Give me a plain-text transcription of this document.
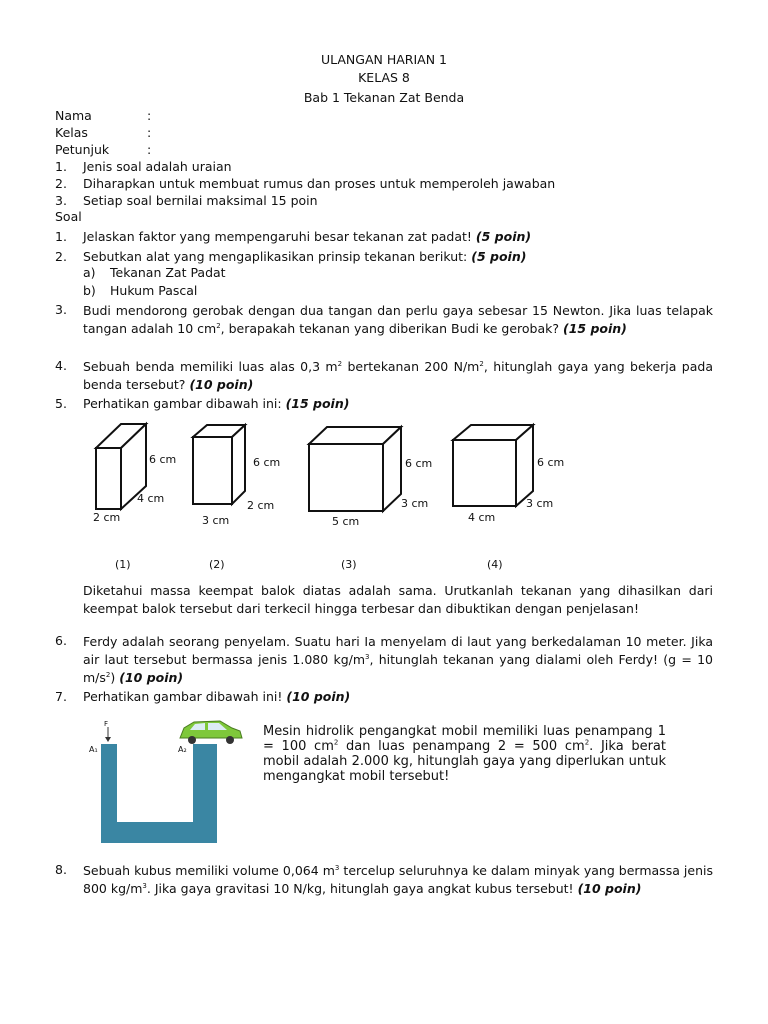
ULANGAN HARIAN 1
KELAS 8
Bab 1 Tekanan Zat Benda
Nama	:
Kelas	:
Petunjuk	:
1. Jenis soal adalah uraian
2. Diharapkan untuk membuat rumus dan proses untuk memperoleh jawaban
3. Setiap soal bernilai maksimal 15 poin
Soal
1. Jelaskan faktor yang mempengaruhi besar tekanan zat padat! (5 poin)
2. Sebutkan alat yang mengaplikasikan prinsip tekanan berikut: (5 poin)
a) Tekanan Zat Padat
b) Hukum Pascal
3. Budi mendorong gerobak dengan dua tangan dan perlu gaya sebesar 15 Newton. Jika luas telapak tangan adalah 10 $cm^2$, berapakah tekanan yang diberikan Budi ke gerobak? (15 poin)
4. Sebuah benda memiliki luas alas 0,3 $m^2$ bertekanan 200 $N/m^2$, hitunglah gaya yang bekerja pada benda tersebut? (10 poin)
5. Perhatikan gambar dibawah ini: (15 poin)
6 cm
4 cm
2 cm
6 cm
2 cm
3 cm
6 cm
3 cm
5 cm
6 cm
3 cm
4 cm
(1)	(2)	(3)	(4)
Diketahui massa keempat balok diatas adalah sama. Urutkanlah tekanan yang dihasilkan dari keempat balok tersebut dari terkecil hingga terbesar dan dibuktikan dengan penjelasan!
6. Ferdy adalah seorang penyelam. Suatu hari Ia menyelam di laut yang berkedalaman 10 meter. Jika air laut tersebut bermassa jenis 1.080 $kg/m^3$, hitunglah tekanan yang dialami oleh Ferdy! (g = 10 $m/s^2$) (10 poin)
7. Perhatikan gambar dibawah ini! (10 poin)
F
A₁	A₂
Mesin hidrolik pengangkat mobil memiliki luas penampang 1 = 100 $cm^2$ dan luas penampang 2 = 500 $cm^2$. Jika berat mobil adalah 2.000 kg, hitunglah gaya yang diperlukan untuk mengangkat mobil tersebut!
8. Sebuah kubus memiliki volume 0,064 $m^3$ tercelup seluruhnya ke dalam minyak yang bermassa jenis 800 $kg/m^3$. Jika gaya gravitasi 10 N/kg, hitunglah gaya angkat kubus tersebut! (10 poin)
